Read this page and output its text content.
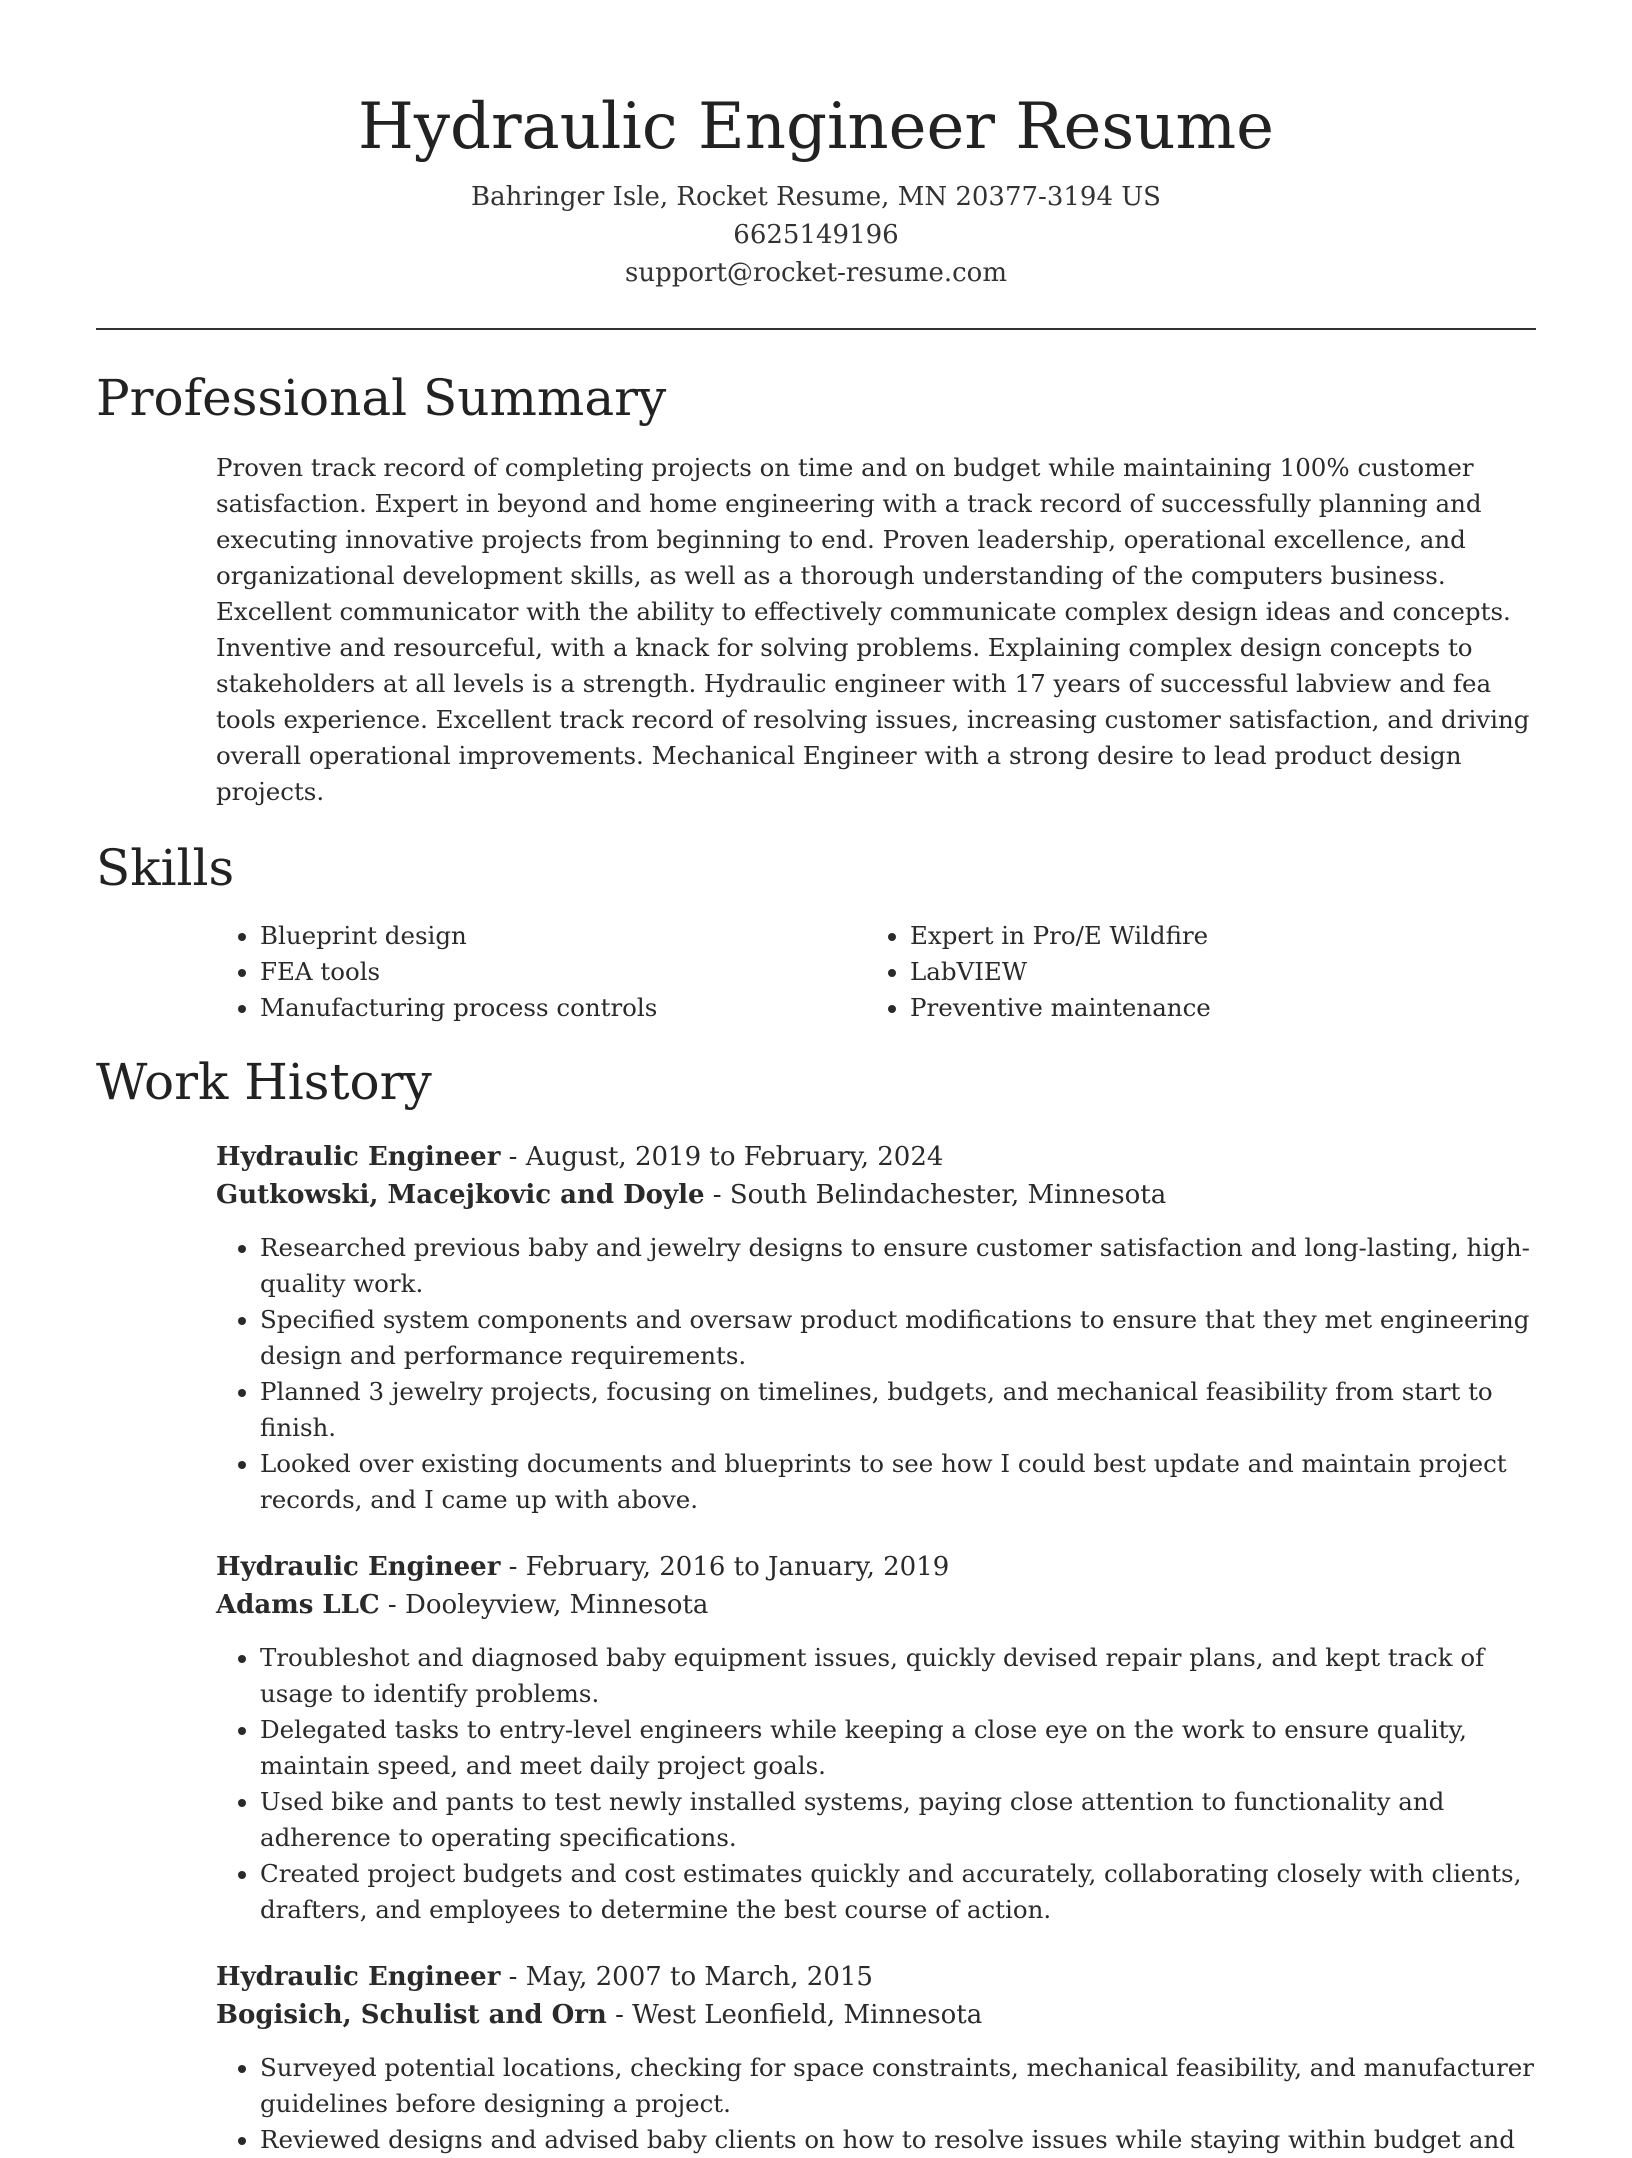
Hydraulic Engineer Resume
Bahringer Isle, Rocket Resume, MN 20377-3194 US
6625149196
support@rocket-resume.com
Professional Summary

Proven track record of completing projects on time and on budget while maintaining 100% customer satisfaction. Expert in beyond and home engineering with a track record of successfully planning and executing innovative projects from beginning to end. Proven leadership, operational excellence, and organizational development skills, as well as a thorough understanding of the computers business. Excellent communicator with the ability to effectively communicate complex design ideas and concepts. Inventive and resourceful, with a knack for solving problems. Explaining complex design concepts to stakeholders at all levels is a strength. Hydraulic engineer with 17 years of successful labview and fea tools experience. Excellent track record of resolving issues, increasing customer satisfaction, and driving overall operational improvements. Mechanical Engineer with a strong desire to lead product design projects.

Skills
• Blueprint design
• FEA tools
• Manufacturing process controls
• Expert in Pro/E Wildfire
• LabVIEW
• Preventive maintenance
Work History
Hydraulic Engineer - August, 2019 to February, 2024
Gutkowski, Macejkovic and Doyle - South Belindachester, Minnesota
• Researched previous baby and jewelry designs to ensure customer satisfaction and long-lasting, high-quality work.
• Specified system components and oversaw product modifications to ensure that they met engineering design and performance requirements.
• Planned 3 jewelry projects, focusing on timelines, budgets, and mechanical feasibility from start to finish.
• Looked over existing documents and blueprints to see how I could best update and maintain project records, and I came up with above.
Hydraulic Engineer - February, 2016 to January, 2019
Adams LLC - Dooleyview, Minnesota
• Troubleshot and diagnosed baby equipment issues, quickly devised repair plans, and kept track of usage to identify problems.
• Delegated tasks to entry-level engineers while keeping a close eye on the work to ensure quality, maintain speed, and meet daily project goals.
• Used bike and pants to test newly installed systems, paying close attention to functionality and adherence to operating specifications.
• Created project budgets and cost estimates quickly and accurately, collaborating closely with clients, drafters, and employees to determine the best course of action.
Hydraulic Engineer - May, 2007 to March, 2015
Bogisich, Schulist and Orn - West Leonfield, Minnesota
• Surveyed potential locations, checking for space constraints, mechanical feasibility, and manufacturer guidelines before designing a project.
• Reviewed designs and advised baby clients on how to resolve issues while staying within budget and
